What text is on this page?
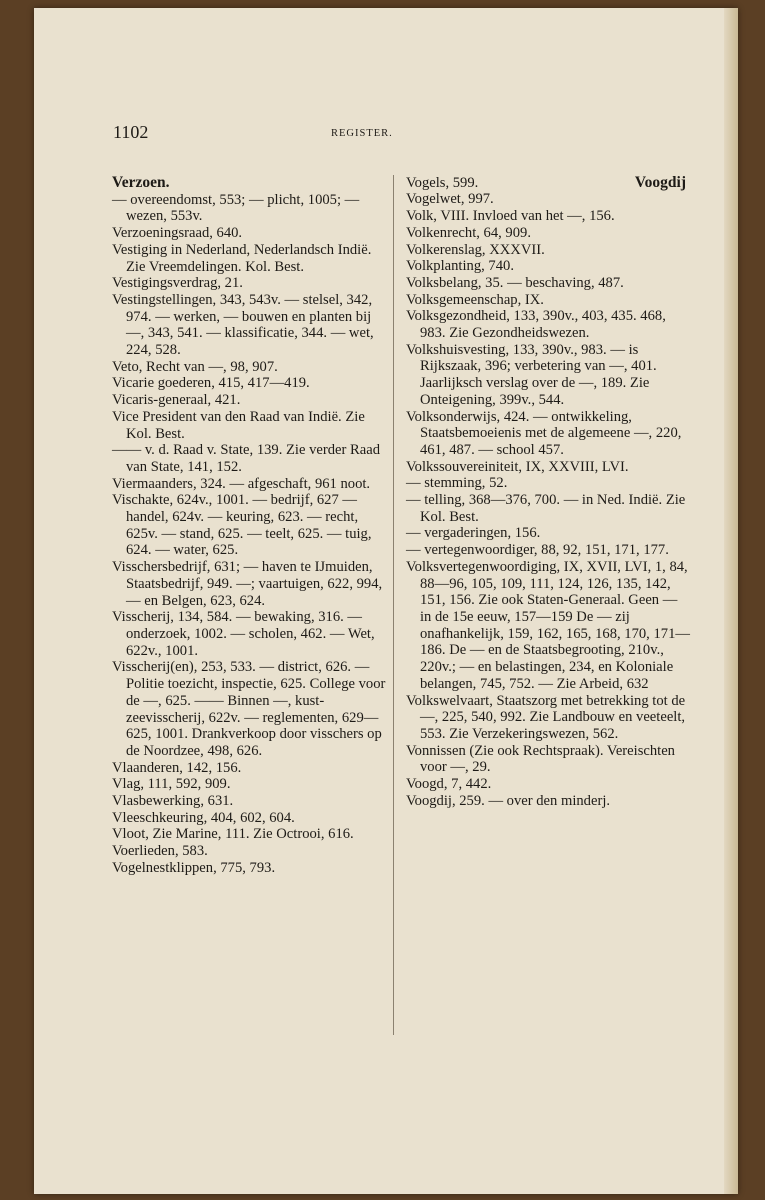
1102	REGISTER.
Verzoen.
— overeendomst, 553; — plicht, 1005; — wezen, 553v.
Verzoeningsraad, 640.
Vestiging in Nederland, Nederlandsch Indië. Zie Vreemdelingen. Kol. Best.
Vestigingsverdrag, 21.
Vestingstellingen, 343, 543v. — stelsel, 342, 974. — werken, — bouwen en planten bij —, 343, 541. — klassificatie, 344. — wet, 224, 528.
Veto, Recht van —, 98, 907.
Vicarie goederen, 415, 417—419.
Vicaris-generaal, 421.
Vice President van den Raad van Indië. Zie Kol. Best.
—— v. d. Raad v. State, 139. Zie verder Raad van State, 141, 152.
Viermaanders, 324. — afgeschaft, 961 noot.
Vischakte, 624v., 1001. — bedrijf, 627 — handel, 624v. — keuring, 623. — recht, 625v. — stand, 625. — teelt, 625. — tuig, 624. — water, 625.
Visschersbedrijf, 631; — haven te IJmuiden, Staatsbedrijf, 949. —; vaartuigen, 622, 994, — en Belgen, 623, 624.
Visscherij, 134, 584. — bewaking, 316. — onderzoek, 1002. — scholen, 462. — Wet, 622v., 1001.
Visscherij(en), 253, 533. — district, 626. — Politie toezicht, inspectie, 625. College voor de —, 625. —— Binnen —, kust-zeevisscherij, 622v. — reglementen, 629—625, 1001. Drankverkoop door visschers op de Noordzee, 498, 626.
Vlaanderen, 142, 156.
Vlag, 111, 592, 909.
Vlasbewerking, 631.
Vleeschkeuring, 404, 602, 604.
Vloot, Zie Marine, 111. Zie Octrooi, 616.
Voerlieden, 583.
Vogelnestklippen, 775, 793.
Voogdij
Vogels, 599.
Vogelwet, 997.
Volk, VIII. Invloed van het —, 156.
Volkenrecht, 64, 909.
Volkerenslag, XXXVII.
Volkplanting, 740.
Volksbelang, 35. — beschaving, 487.
Volksgemeenschap, IX.
Volksgezondheid, 133, 390v., 403, 435. 468, 983. Zie Gezondheidswezen.
Volkshuisvesting, 133, 390v., 983. — is Rijkszaak, 396; verbetering van —, 401. Jaarlijksch verslag over de —, 189. Zie Onteigening, 399v., 544.
Volksonderwijs, 424. — ontwikkeling, Staatsbemoeienis met de algemeene —, 220, 461, 487. — school 457.
Volkssouvereiniteit, IX, XXVIII, LVI.
— stemming, 52.
— telling, 368—376, 700. — in Ned. Indië. Zie Kol. Best.
— vergaderingen, 156.
— vertegenwoordiger, 88, 92, 151, 171, 177.
Volksvertegenwoordiging, IX, XVII, LVI, 1, 84, 88—96, 105, 109, 111, 124, 126, 135, 142, 151, 156. Zie ook Staten-Generaal. Geen — in de 15e eeuw, 157—159 De — zij onafhankelijk, 159, 162, 165, 168, 170, 171—186. De — en de Staatsbegrooting, 210v., 220v.; — en belastingen, 234, en Koloniale belangen, 745, 752. — Zie Arbeid, 632
Volkswelvaart, Staatszorg met betrekking tot de —, 225, 540, 992. Zie Landbouw en veeteelt, 553. Zie Verzekeringswezen, 562.
Vonnissen (Zie ook Rechtspraak). Vereischten voor —, 29.
Voogd, 7, 442.
Voogdij, 259. — over den minderj.
